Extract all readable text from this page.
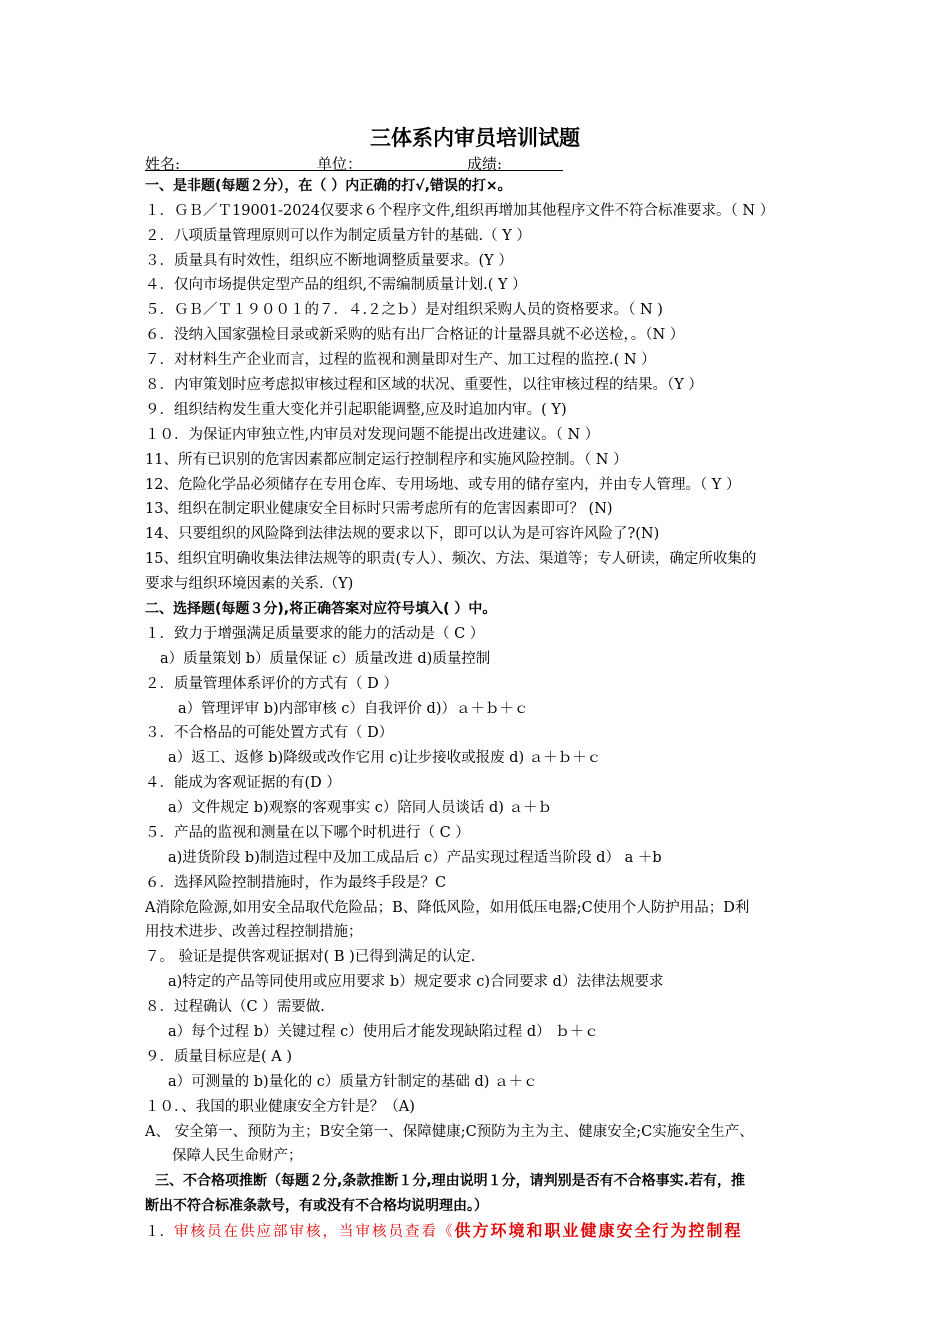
三体系内审员培训试题
姓名:	单位：	成绩:
一、是非题(每题２分），在（ ）内正确的打√,错误的打×。
１．ＧＢ／Ｔ19001-2024仅要求６个程序文件,组织再增加其他程序文件不符合标准要求。（ N ）
２．八项质量管理原则可以作为制定质量方针的基础.（ Y ）
３．质量具有时效性，组织应不断地调整质量要求。(Y ）
４．仅向市场提供定型产品的组织,不需编制质量计划.( Y ）
５．ＧＢ／Ｔ１９００１的７．４.２之ｂ）是对组织采购人员的资格要求。（ N )
６．没纳入国家强检目录或新采购的贴有出厂合格证的计量器具就不必送检，。（N ）
７．对材料生产企业而言，过程的监视和测量即对生产、加工过程的监控.( N ）
８．内审策划时应考虑拟审核过程和区域的状况、重要性，以往审核过程的结果。（Y ）
９．组织结构发生重大变化并引起职能调整,应及时追加内审。( Y)
１０．为保证内审独立性,内审员对发现问题不能提出改进建议。（ N ）
11、所有已识别的危害因素都应制定运行控制程序和实施风险控制。（ N ）
12、危险化学品必须储存在专用仓库、专用场地、或专用的储存室内，并由专人管理。（ Y ）
13、组织在制定职业健康安全目标时只需考虑所有的危害因素即可？ (N)
14、只要组织的风险降到法律法规的要求以下，即可以认为是可容许风险了?(N)
15、组织宜明确收集法律法规等的职责(专人）、频次、方法、渠道等；专人研读，确定所收集的
要求与组织环境因素的关系.（Y)
二、选择题(每题３分),将正确答案对应符号填入( ）中。
１．致力于增强满足质量要求的能力的活动是（ C ）
a）质量策划 b）质量保证 c）质量改进 d)质量控制
２．质量管理体系评价的方式有（ D ）
a）管理评审 b)内部审核 c）自我评价 d)）ａ＋ｂ＋ｃ
３．不合格品的可能处置方式有（ D）
a）返工、返修 b)降级或改作它用 c)让步接收或报废 d) ａ＋ｂ＋ｃ
４．能成为客观证据的有(D ）
a）文件规定 b)观察的客观事实 c）陪同人员谈话 d) ａ＋ｂ
５．产品的监视和测量在以下哪个时机进行（ C ）
a)进货阶段 b)制造过程中及加工成品后 c）产品实现过程适当阶段 d） a ＋b
６．选择风险控制措施时，作为最终手段是？C
A消除危险源,如用安全品取代危险品；B、降低风险，如用低压电器;C使用个人防护用品；D利
用技术进步、改善过程控制措施；
７。 验证是提供客观证据对( B )已得到满足的认定.
a)特定的产品等同使用或应用要求 b）规定要求 c)合同要求 d）法律法规要求
８．过程确认（C ）需要做.
a）每个过程 b）关键过程 c）使用后才能发现缺陷过程 d） ｂ＋ｃ
９．质量目标应是( A )
a）可测量的 b)量化的 c）质量方针制定的基础 d) ａ＋ｃ
１０．、我国的职业健康安全方针是？（A)
A、 安全第一、预防为主；B安全第一、保障健康;C预防为主为主、健康安全;C实施安全生产、
保障人民生命财产；
三、不合格项推断（每题２分,条款推断１分,理由说明１分，请判别是否有不合格事实.若有，推
断出不符合标准条款号，有或没有不合格均说明理由。）
１．审核员在供应部审核，当审核员查看《供方环境和职业健康安全行为控制程
